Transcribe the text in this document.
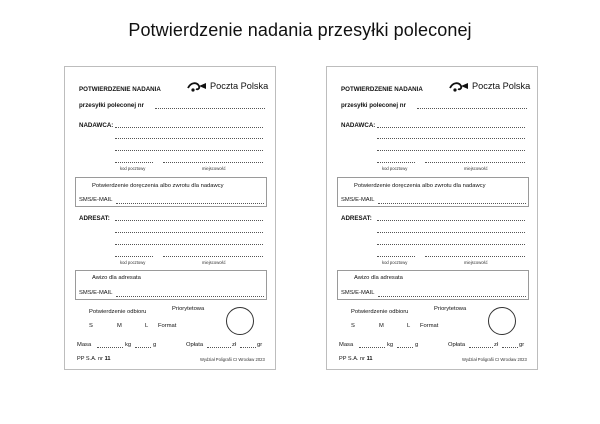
Potwierdzenie nadania przesyłki poleconej
POTWIERDZENIE NADANIA	Poczta Polska
przesyłki poleconej nr
NADAWCA:
kod pocztowy	miejscowość
Potwierdzenie doręczenia albo zwrotu dla nadawcy
SMS/E-MAIL
ADRESAT:
kod pocztowy	miejscowość
Awizo dla adresata
SMS/E-MAIL
Potwierdzenie odbioru	Priorytetowa
S	M	L Format
Masa	kg	g	Opłata	zł	gr
PP S.A. nr 11	Wydział Poligrafii CI Wrocław 2023
POTWIERDZENIE NADANIA	Poczta Polska
przesyłki poleconej nr
NADAWCA:
kod pocztowy	miejscowość
Potwierdzenie doręczenia albo zwrotu dla nadawcy
SMS/E-MAIL
ADRESAT:
kod pocztowy	miejscowość
Awizo dla adresata
SMS/E-MAIL
Potwierdzenie odbioru	Priorytetowa
S	M	L Format
Masa	kg	g	Opłata	zł	gr
PP S.A. nr 11	Wydział Poligrafii CI Wrocław 2023
